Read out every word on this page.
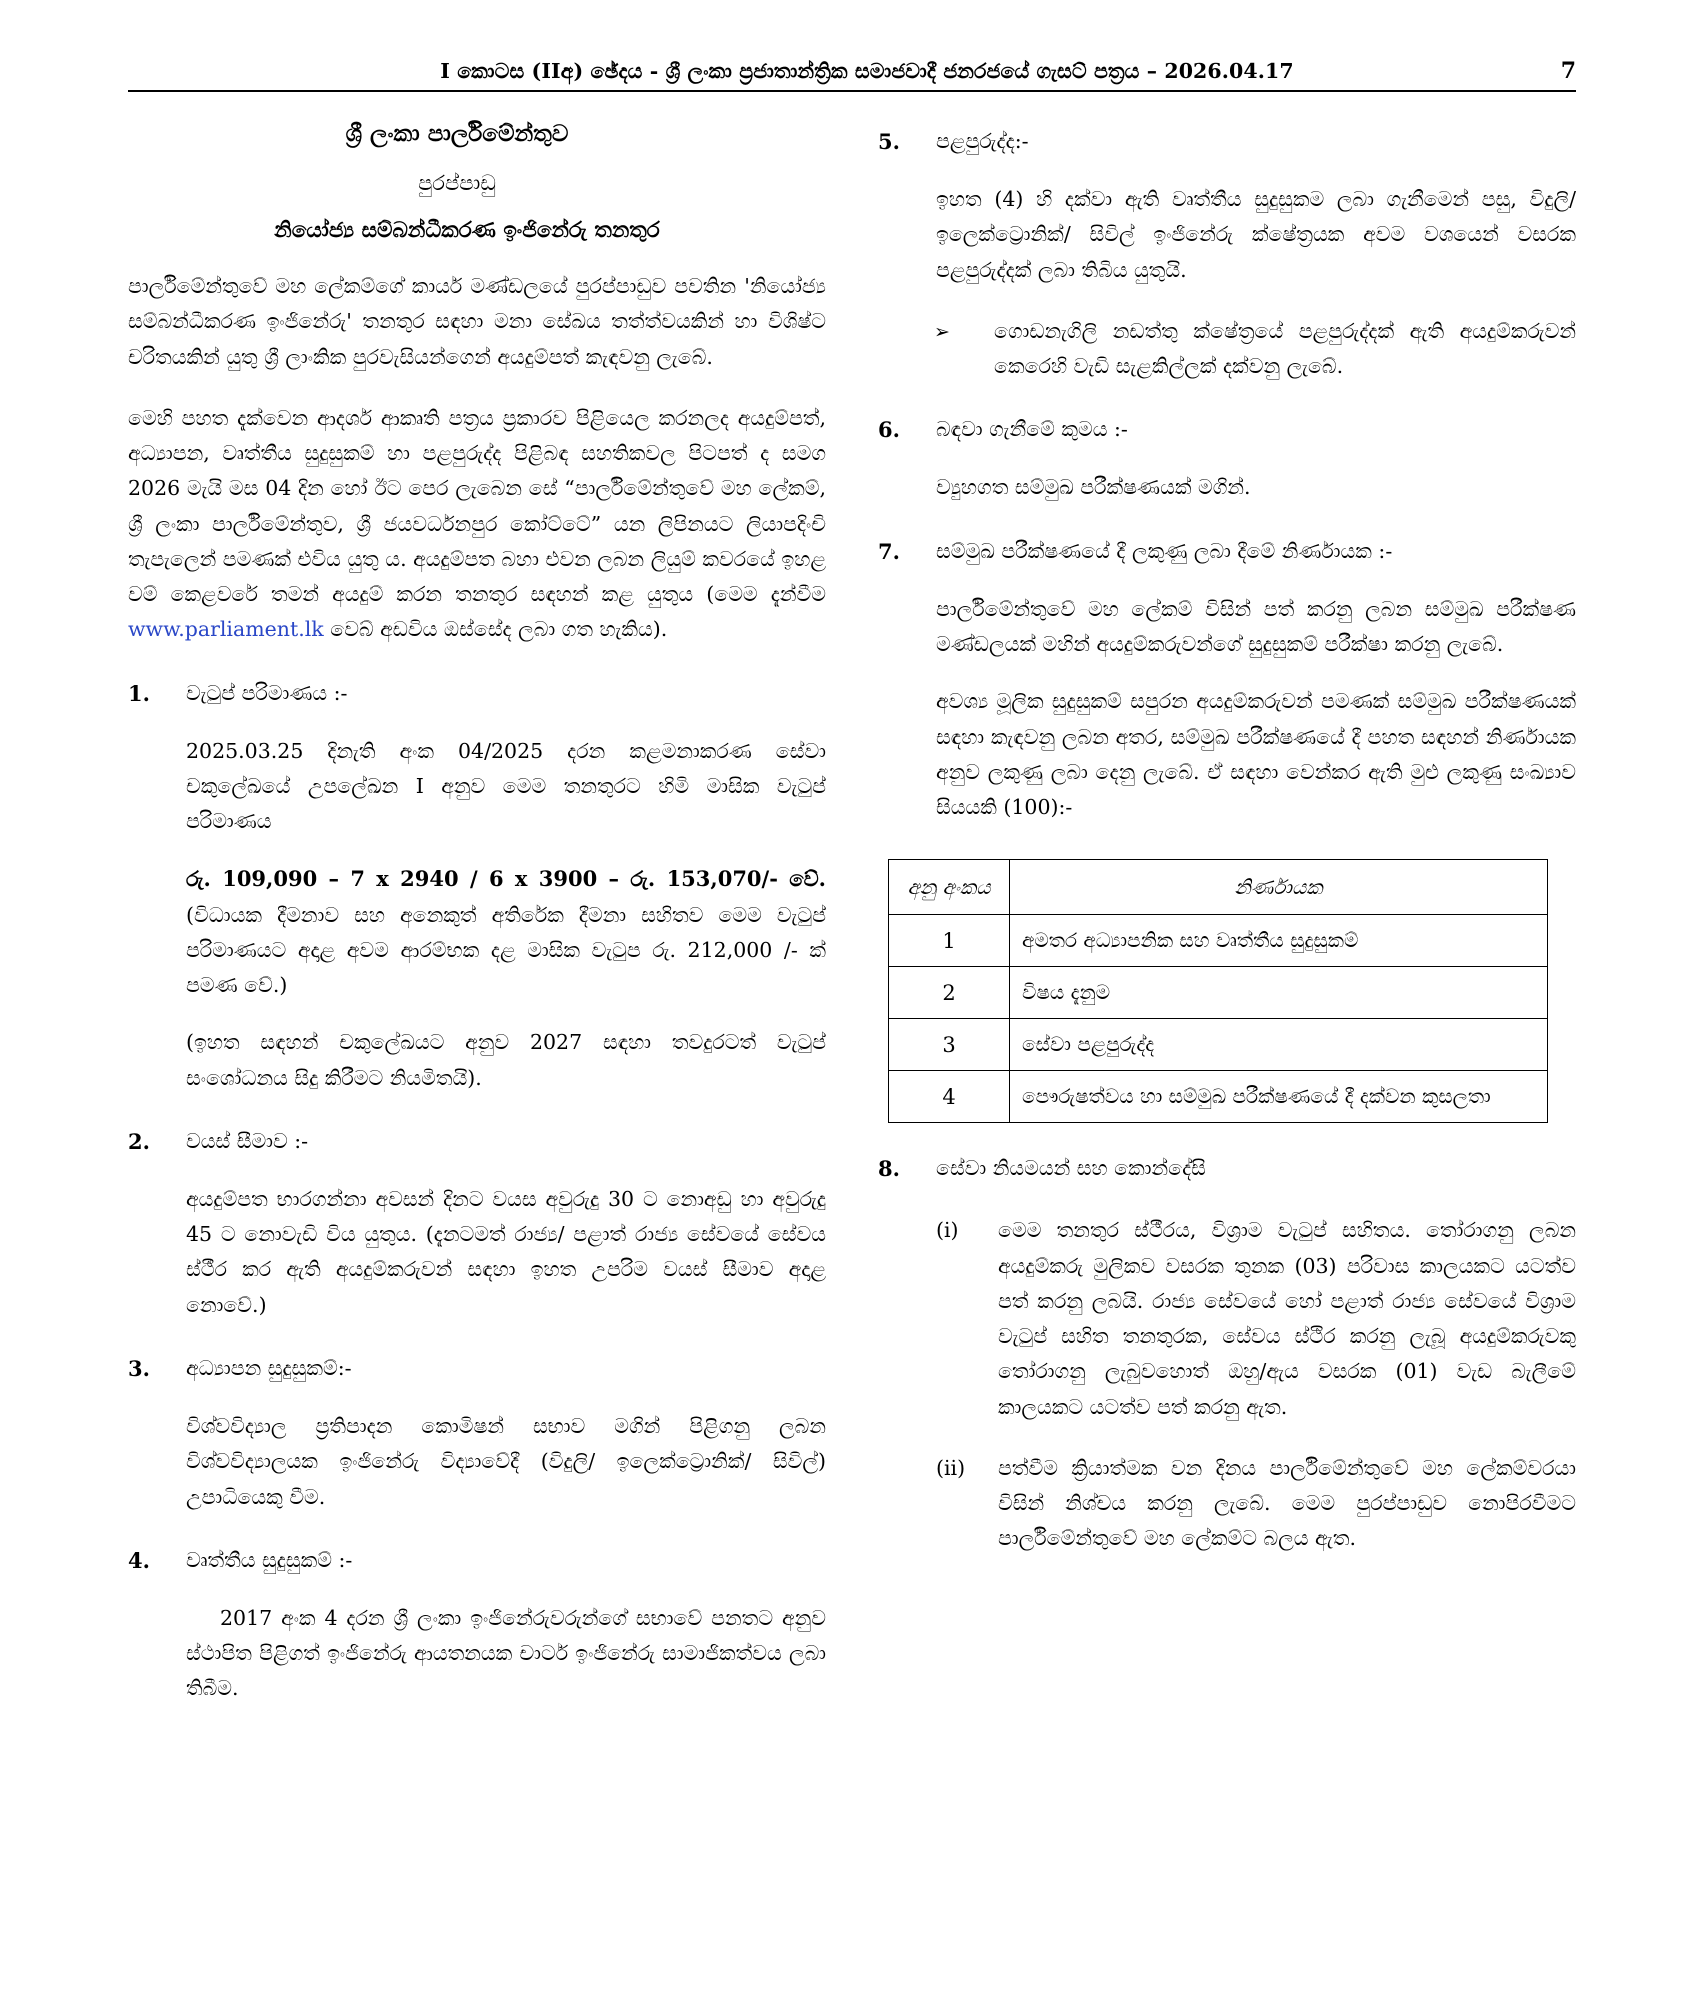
I කොටස (IIඅ) ඡේදය - ශ්‍රී ලංකා ප්‍රජාතාන්ත්‍රික සමාජවාදී ජනරජයේ ගැසට් පත්‍රය – 2026.04.17	7
ශ්‍රී ලංකා පාර්ලිමේන්තුව
පුරප්පාඩු
නියෝජ්‍ය සම්බන්ධීකරණ ඉංජිනේරු තනතුර

පාර්ලිමේන්තුවේ මහ ලේකම්ගේ කාර්ය මණ්ඩලයේ පුරප්පාඩුව පවතින 'නියෝජ්‍ය සම්බන්ධීකරණ ඉංජිනේරු' තනතුර සඳහා මනා සේඛය තත්ත්වයකින් හා විශිෂ්ට චරිතයකින් යුතු ශ්‍රී ලාංකික පුරවැසියන්ගෙන් අයදුම්පත් කැඳවනු ලැබේ.

මෙහි පහත දැක්වෙන ආදර්ශ ආකෘති පත්‍රය ප්‍රකාරව පිළියෙල කරනලද අයදුම්පත්, අධ්‍යාපන, වෘත්තීය සුදුසුකම් හා පළපුරුද්ද පිළිබඳ සහතිකවල පිටපත් ද සමග 2026 මැයි මස 04 දින හෝ ඊට පෙර ලැබෙන සේ “පාර්ලිමේන්තුවේ මහ ලේකම්, ශ්‍රී ලංකා පාර්ලිමේන්තුව, ශ්‍රී ජයවර්ධනපුර කෝට්ටේ” යන ලිපිනයට ලියාපදිංචි තැපැලෙන් පමණක් එවිය යුතු ය. අයදුම්පත බහා එවන ලබන ලියුම් කවරයේ ඉහළ වම් කෙළවරේ තමන් අයදුම් කරන තනතුර සඳහන් කළ යුතුය (මෙම දැන්වීම www.parliament.lk වෙබ් අඩවිය ඔස්සේද ලබා ගත හැකිය).

1.	වැටුප් පරිමාණය :-

2025.03.25 දිනැති අංක 04/2025 දරන කළමනාකරණ සේවා චකුලේඛයේ උපලේඛන I අනුව මෙම තනතුරට හිමි මාසික වැටුප් පරිමාණය

රු. 109,090 – 7 x 2940 / 6 x 3900 – රු. 153,070/- වේ. (විධායක දීමනාව සහ අනෙකුත් අතිරේක දීමනා සහිතව මෙම වැටුප් පරිමාණයට අදාළ අවම ආරම්භක දළ මාසික වැටුප රු. 212,000 /- ක් පමණ වේ.)

(ඉහත සඳහන් චකුලේඛයට අනුව 2027 සඳහා තවදුරටත් වැටුප් සංශෝධනය සිදු කිරීමට නියමිතයි).

2.	වයස් සීමාව :-

අයදුම්පත භාරගන්නා අවසන් දිනට වයස අවුරුදු 30 ට නොඅඩු හා අවුරුදු 45 ට නොවැඩි විය යුතුය. (දැනටමත් රාජ්‍ය/ පළාත් රාජ්‍ය සේවයේ සේවය ස්ථීර කර ඇති අයදුම්කරුවන් සඳහා ඉහත උපරිම වයස් සීමාව අදාළ නොවේ.)

3.	අධ්‍යාපන සුදුසුකම්:-

විශ්වවිද්‍යාල ප්‍රතිපාදන කොමිෂන් සභාව මගින් පිළිගනු ලබන විශ්වවිද්‍යාලයක ඉංජිනේරු විද්‍යාවේදී (විදුලි/ ඉලෙක්ට්‍රොනික්/ සිවිල්) උපාධියෙකු වීම.

4.	වෘත්තීය සුදුසුකම් :-

2017 අංක 4 දරන ශ්‍රී ලංකා ඉංජිනේරුවරුන්ගේ සභාවේ පනතට අනුව ස්ථාපිත පිළිගත් ඉංජිනේරු ආයතනයක චාටර් ඉංජිනේරු සාමාජිකත්වය ලබා තිබීම.

5.	පළපුරුද්ද:-

ඉහත (4) හි දක්වා ඇති වෘත්තීය සුදුසුකම ලබා ගැනීමෙන් පසු, විදුලි/ ඉලෙක්ට්‍රොනික්/ සිවිල් ඉංජිනේරු ක්ෂේත්‍රයක අවම වශයෙන් වසරක පළපුරුද්දක් ලබා තිබිය යුතුයි.

➢	ගොඩනැගිලි නඩත්තු ක්ෂේත්‍රයේ පළපුරුද්දක් ඇති අයදුම්කරුවන් කෙරෙහි වැඩි සැළකිල්ලක් දක්වනු ලැබේ.
6.	බඳවා ගැනීමේ කුමය :-

ව්‍යුහගත සම්මුඛ පරීක්ෂණයක් මගින්.

7.	සම්මුඛ පරීක්ෂණයේ දී ලකුණු ලබා දීමේ නිර්ණායක :-

පාර්ලිමේන්තුවේ මහ ලේකම් විසින් පත් කරනු ලබන සම්මුඛ පරීක්ෂණ මණ්ඩලයක් මහින් අයදුම්කරුවන්ගේ සුදුසුකම් පරීක්ෂා කරනු ලැබේ.

අවශ්‍ය මූලික සුදුසුකම් සපුරන අයදුම්කරුවන් පමණක් සම්මුඛ පරීක්ෂණයක් සඳහා කැඳවනු ලබන අතර, සම්මුඛ පරීක්ෂණයේ දී පහත සඳහන් නිර්ණායක අනුව ලකුණු ලබා දෙනු ලැබේ. ඒ සඳහා වෙන්කර ඇති මුළු ලකුණු සංඛ්‍යාව සියයකි (100):-

අනු අංකය	නිර්ණායක
1	අමතර අධ්‍යාපනික සහ වෘත්තීය සුදුසුකම්
2	විෂය දැනුම
3	සේවා පළපුරුද්ද
4	පෞරුෂත්වය හා සම්මුඛ පරීක්ෂණයේ දී දක්වන කුසලතා
8.	සේවා නියමයන් සහ කොන්දේසි
(i)	මෙම තනතුර ස්ථීරය, විශ්‍රාම වැටුප් සහිතය. තෝරාගනු ලබන අයදුම්කරු මුලිකව වසරක තුනක (03) පරිවාස කාලයකට යටත්ව පත් කරනු ලබයි. රාජ්‍ය සේවයේ හෝ පළාත් රාජ්‍ය සේවයේ විශ්‍රාම වැටුප් සහිත තනතුරක, සේවය ස්ථිර කරනු ලැබූ අයදුම්කරුවකු තෝරාගනු ලැබුවහොත් ඔහු/ඇය වසරක (01) වැඩ බැලීමේ කාලයකට යටත්ව පත් කරනු ඇත.
(ii)	පත්වීම ක්‍රියාත්මක වන දිනය පාර්ලිමේන්තුවේ මහ ලේකම්වරයා විසින් නිශ්චය කරනු ලැබේ. මෙම පුරප්පාඩුව නොපිරවීමට පාර්ලිමේන්තුවේ මහ ලේකම්ට බලය ඇත.
